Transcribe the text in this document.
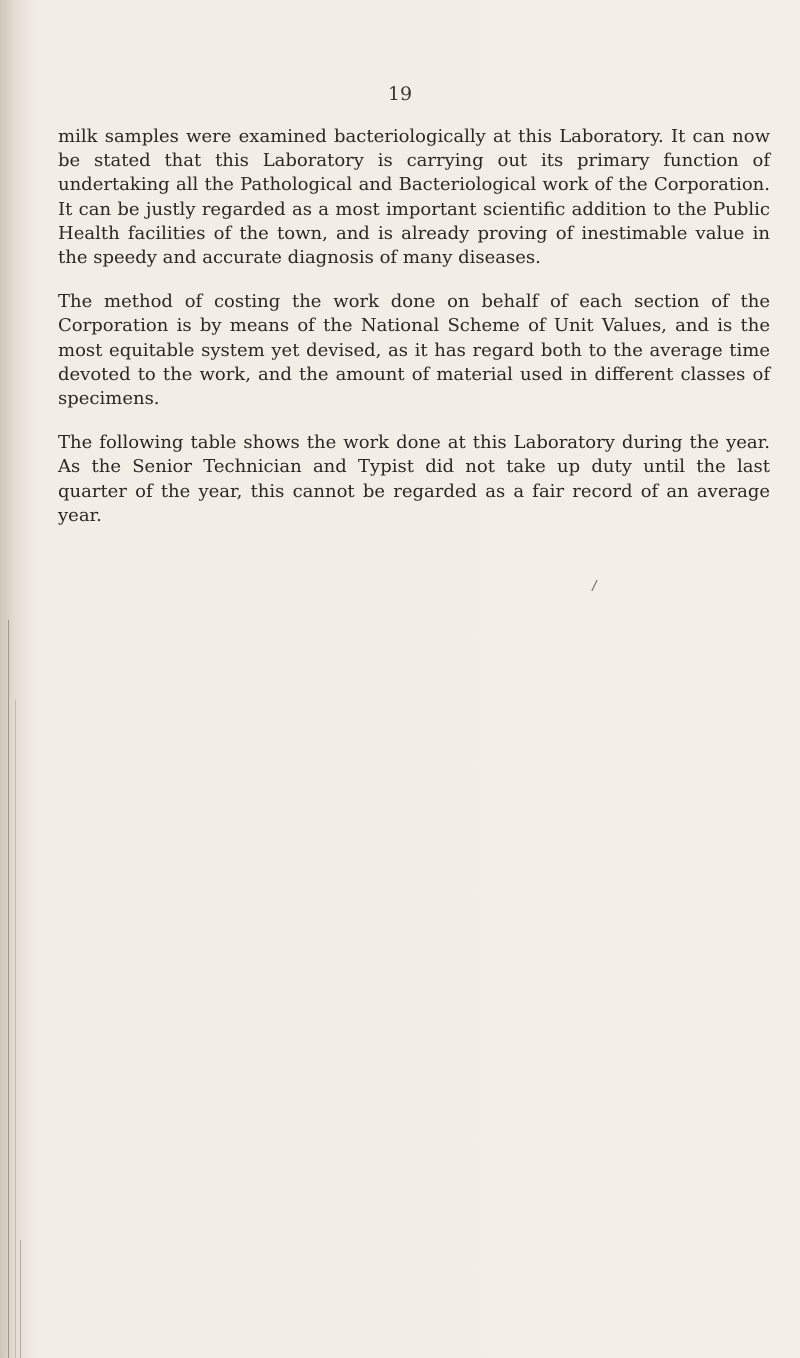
19

milk samples were examined bacteriologically at this Laboratory. It can now be stated that this Laboratory is carrying out its primary function of undertaking all the Pathological and Bacteriological work of the Corporation. It can be justly regarded as a most important scientific addition to the Public Health facilities of the town, and is already proving of inestimable value in the speedy and accurate diagnosis of many diseases.

The method of costing the work done on behalf of each section of the Corporation is by means of the National Scheme of Unit Values, and is the most equitable system yet devised, as it has regard both to the average time devoted to the work, and the amount of material used in different classes of specimens.

The following table shows the work done at this Laboratory during the year. As the Senior Technician and Typist did not take up duty until the last quarter of the year, this cannot be regarded as a fair record of an average year.

/
